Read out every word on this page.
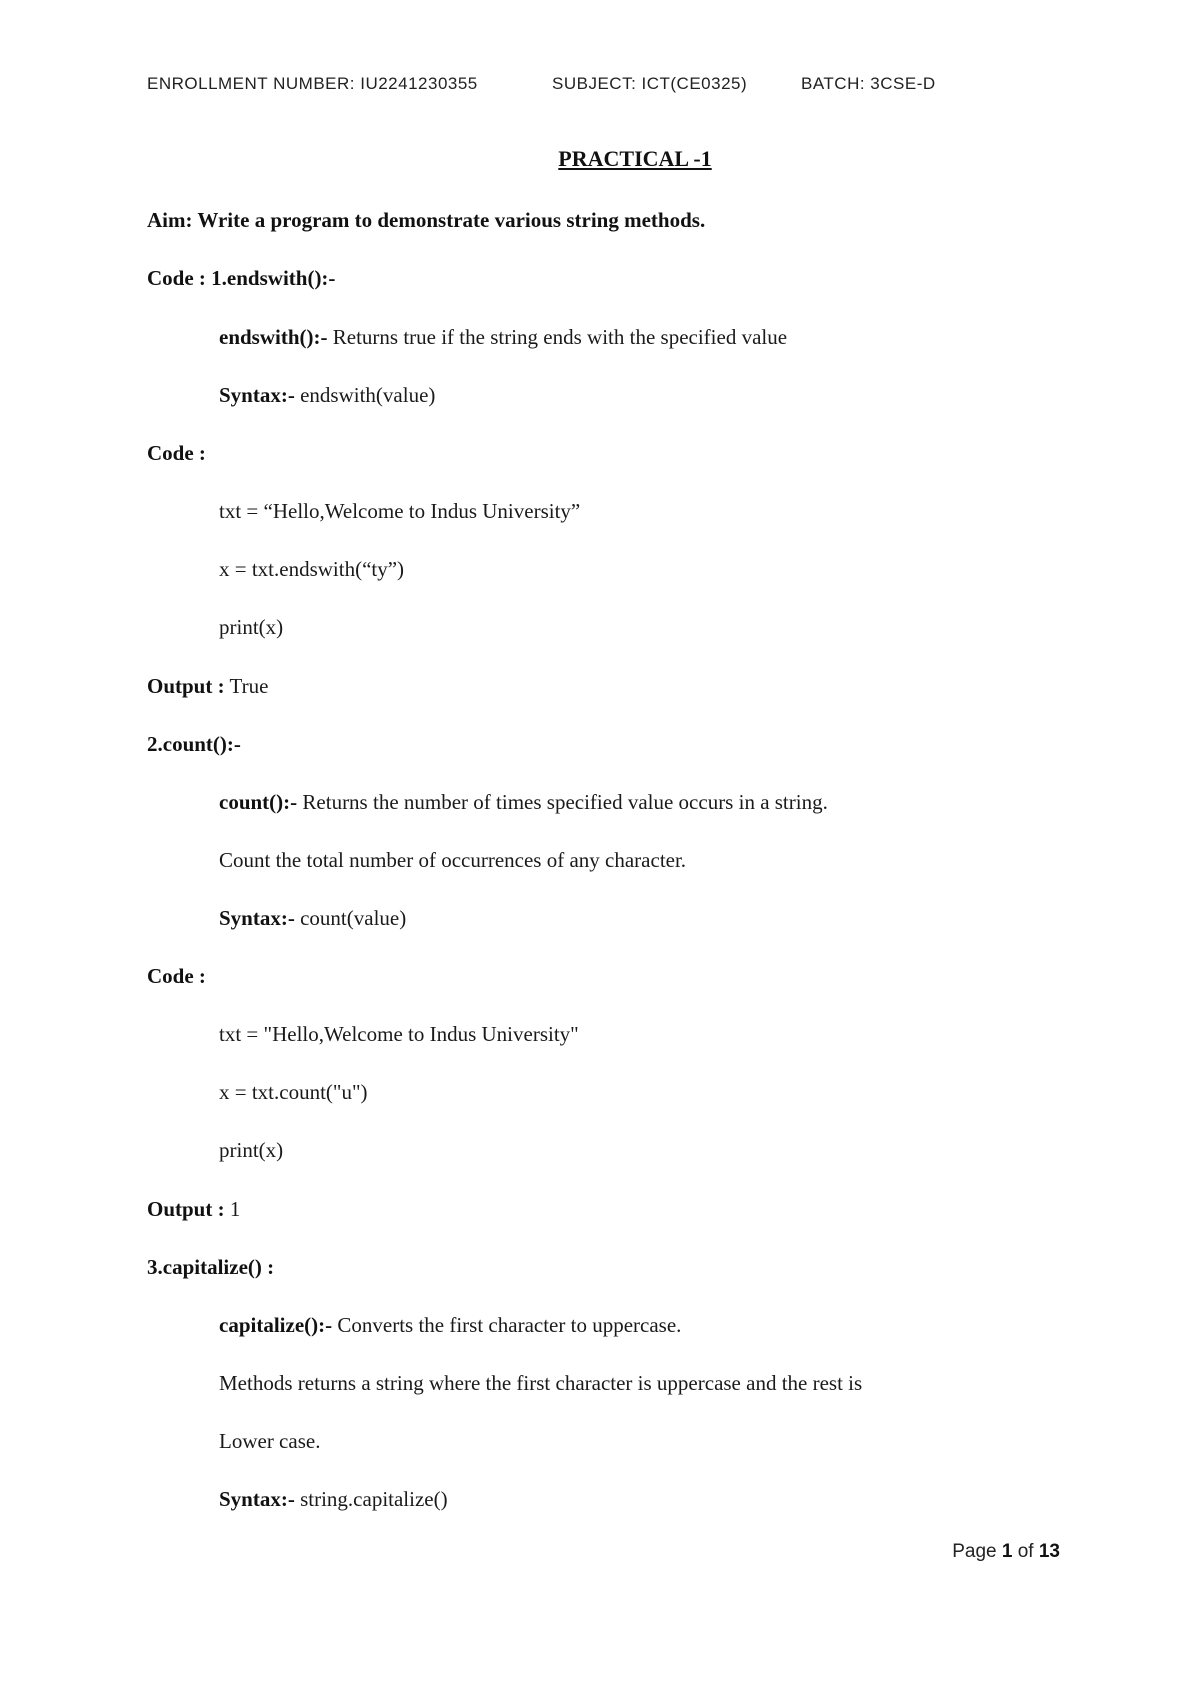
ENROLLMENT NUMBER: IU2241230355	SUBJECT: ICT(CE0325)	BATCH: 3CSE-D
PRACTICAL -1
Aim: Write a program to demonstrate various string methods.
Code : 1.endswith():-
endswith():- Returns true if the string ends with the specified value
Syntax:- endswith(value)
Code :
txt = “Hello,Welcome to Indus University”
x = txt.endswith(“ty”)
print(x)
Output : True
2.count():-
count():- Returns the number of times specified value occurs in a string.
Count the total number of occurrences of any character.
Syntax:- count(value)
Code :
txt = "Hello,Welcome to Indus University"
x = txt.count("u")
print(x)
Output : 1
3.capitalize() :
capitalize():- Converts the first character to uppercase.
Methods returns a string where the first character is uppercase and the rest is
Lower case.
Syntax:- string.capitalize()
Page 1 of 13
